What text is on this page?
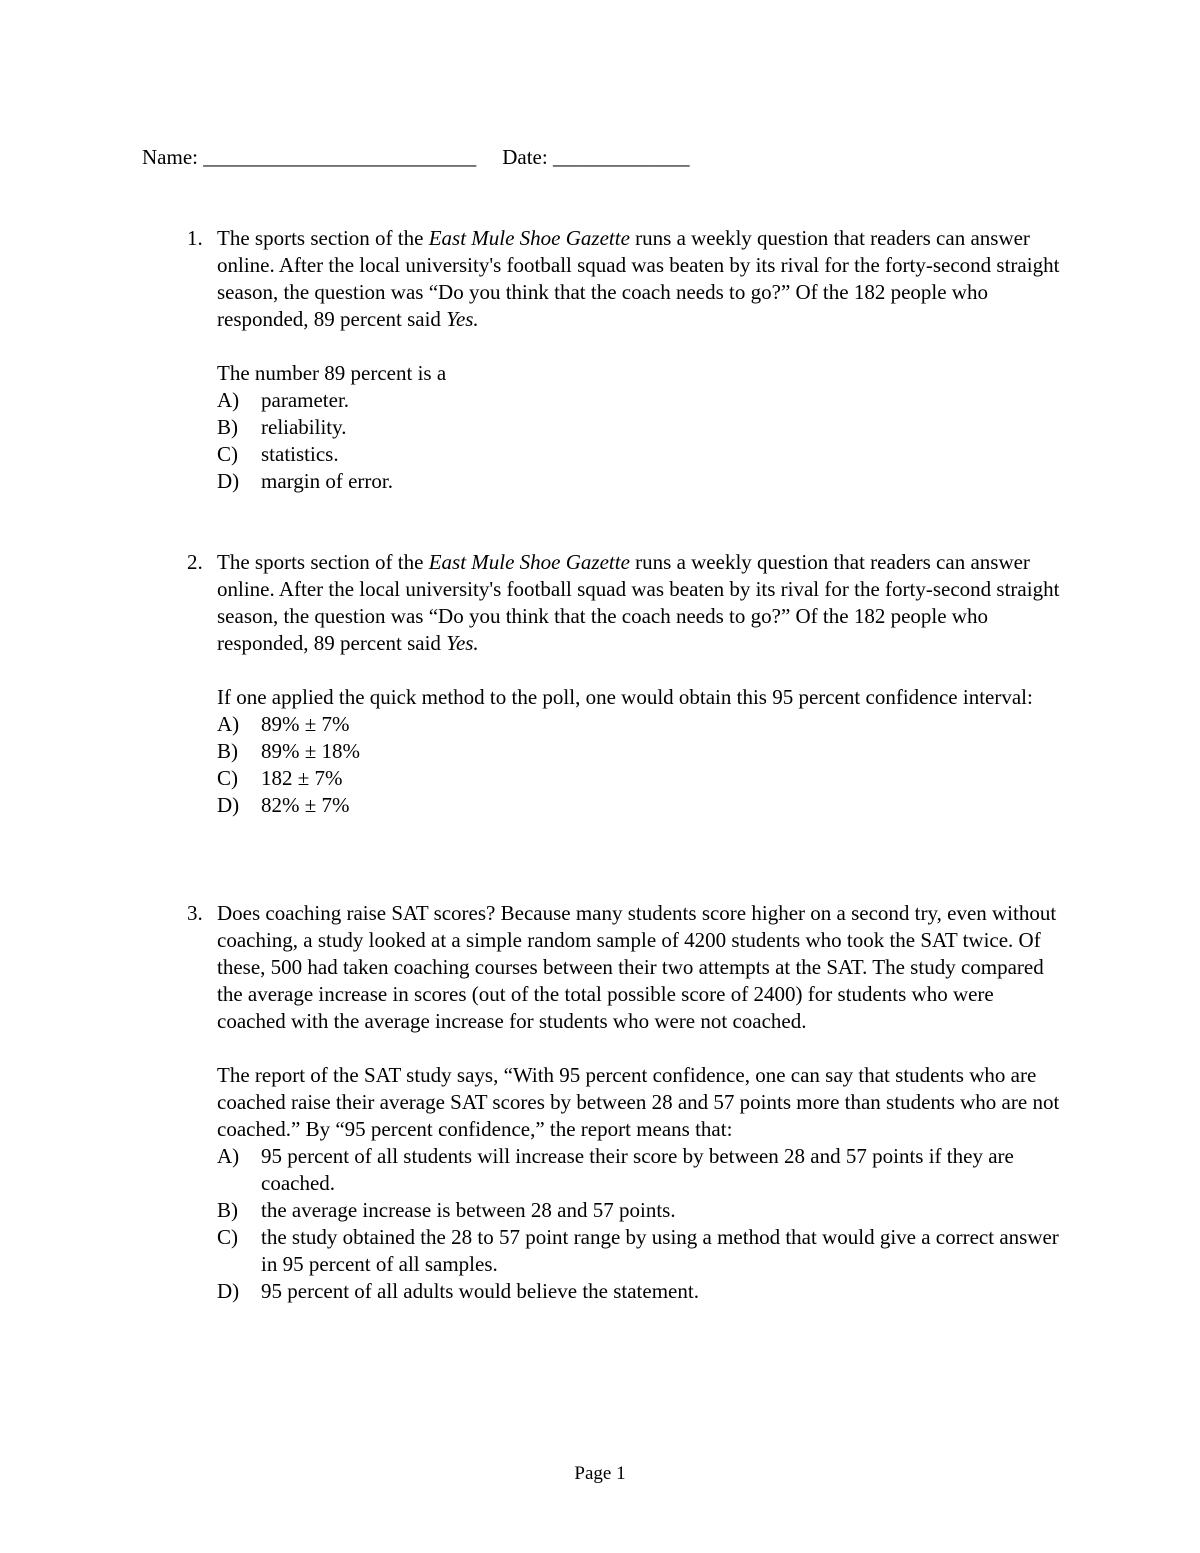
Name: __________________________ Date: _____________
1. The sports section of the East Mule Shoe Gazette runs a weekly question that readers can answer online. After the local university's football squad was beaten by its rival for the forty-second straight season, the question was “Do you think that the coach needs to go?” Of the 182 people who responded, 89 percent said Yes.

The number 89 percent is a

A) parameter.
B) reliability.
C) statistics.
D) margin of error.
2. The sports section of the East Mule Shoe Gazette runs a weekly question that readers can answer online. After the local university's football squad was beaten by its rival for the forty-second straight season, the question was “Do you think that the coach needs to go?” Of the 182 people who responded, 89 percent said Yes.

If one applied the quick method to the poll, one would obtain this 95 percent confidence interval:

A) 89% ± 7%
B) 89% ± 18%
C) 182 ± 7%
D) 82% ± 7%
3. Does coaching raise SAT scores? Because many students score higher on a second try, even without coaching, a study looked at a simple random sample of 4200 students who took the SAT twice. Of these, 500 had taken coaching courses between their two attempts at the SAT. The study compared the average increase in scores (out of the total possible score of 2400) for students who were coached with the average increase for students who were not coached.

The report of the SAT study says, “With 95 percent confidence, one can say that students who are coached raise their average SAT scores by between 28 and 57 points more than students who are not coached.” By “95 percent confidence,” the report means that:

A) 95 percent of all students will increase their score by between 28 and 57 points if they are coached.
B) the average increase is between 28 and 57 points.
C) the study obtained the 28 to 57 point range by using a method that would give a correct answer in 95 percent of all samples.
D) 95 percent of all adults would believe the statement.
Page 1
